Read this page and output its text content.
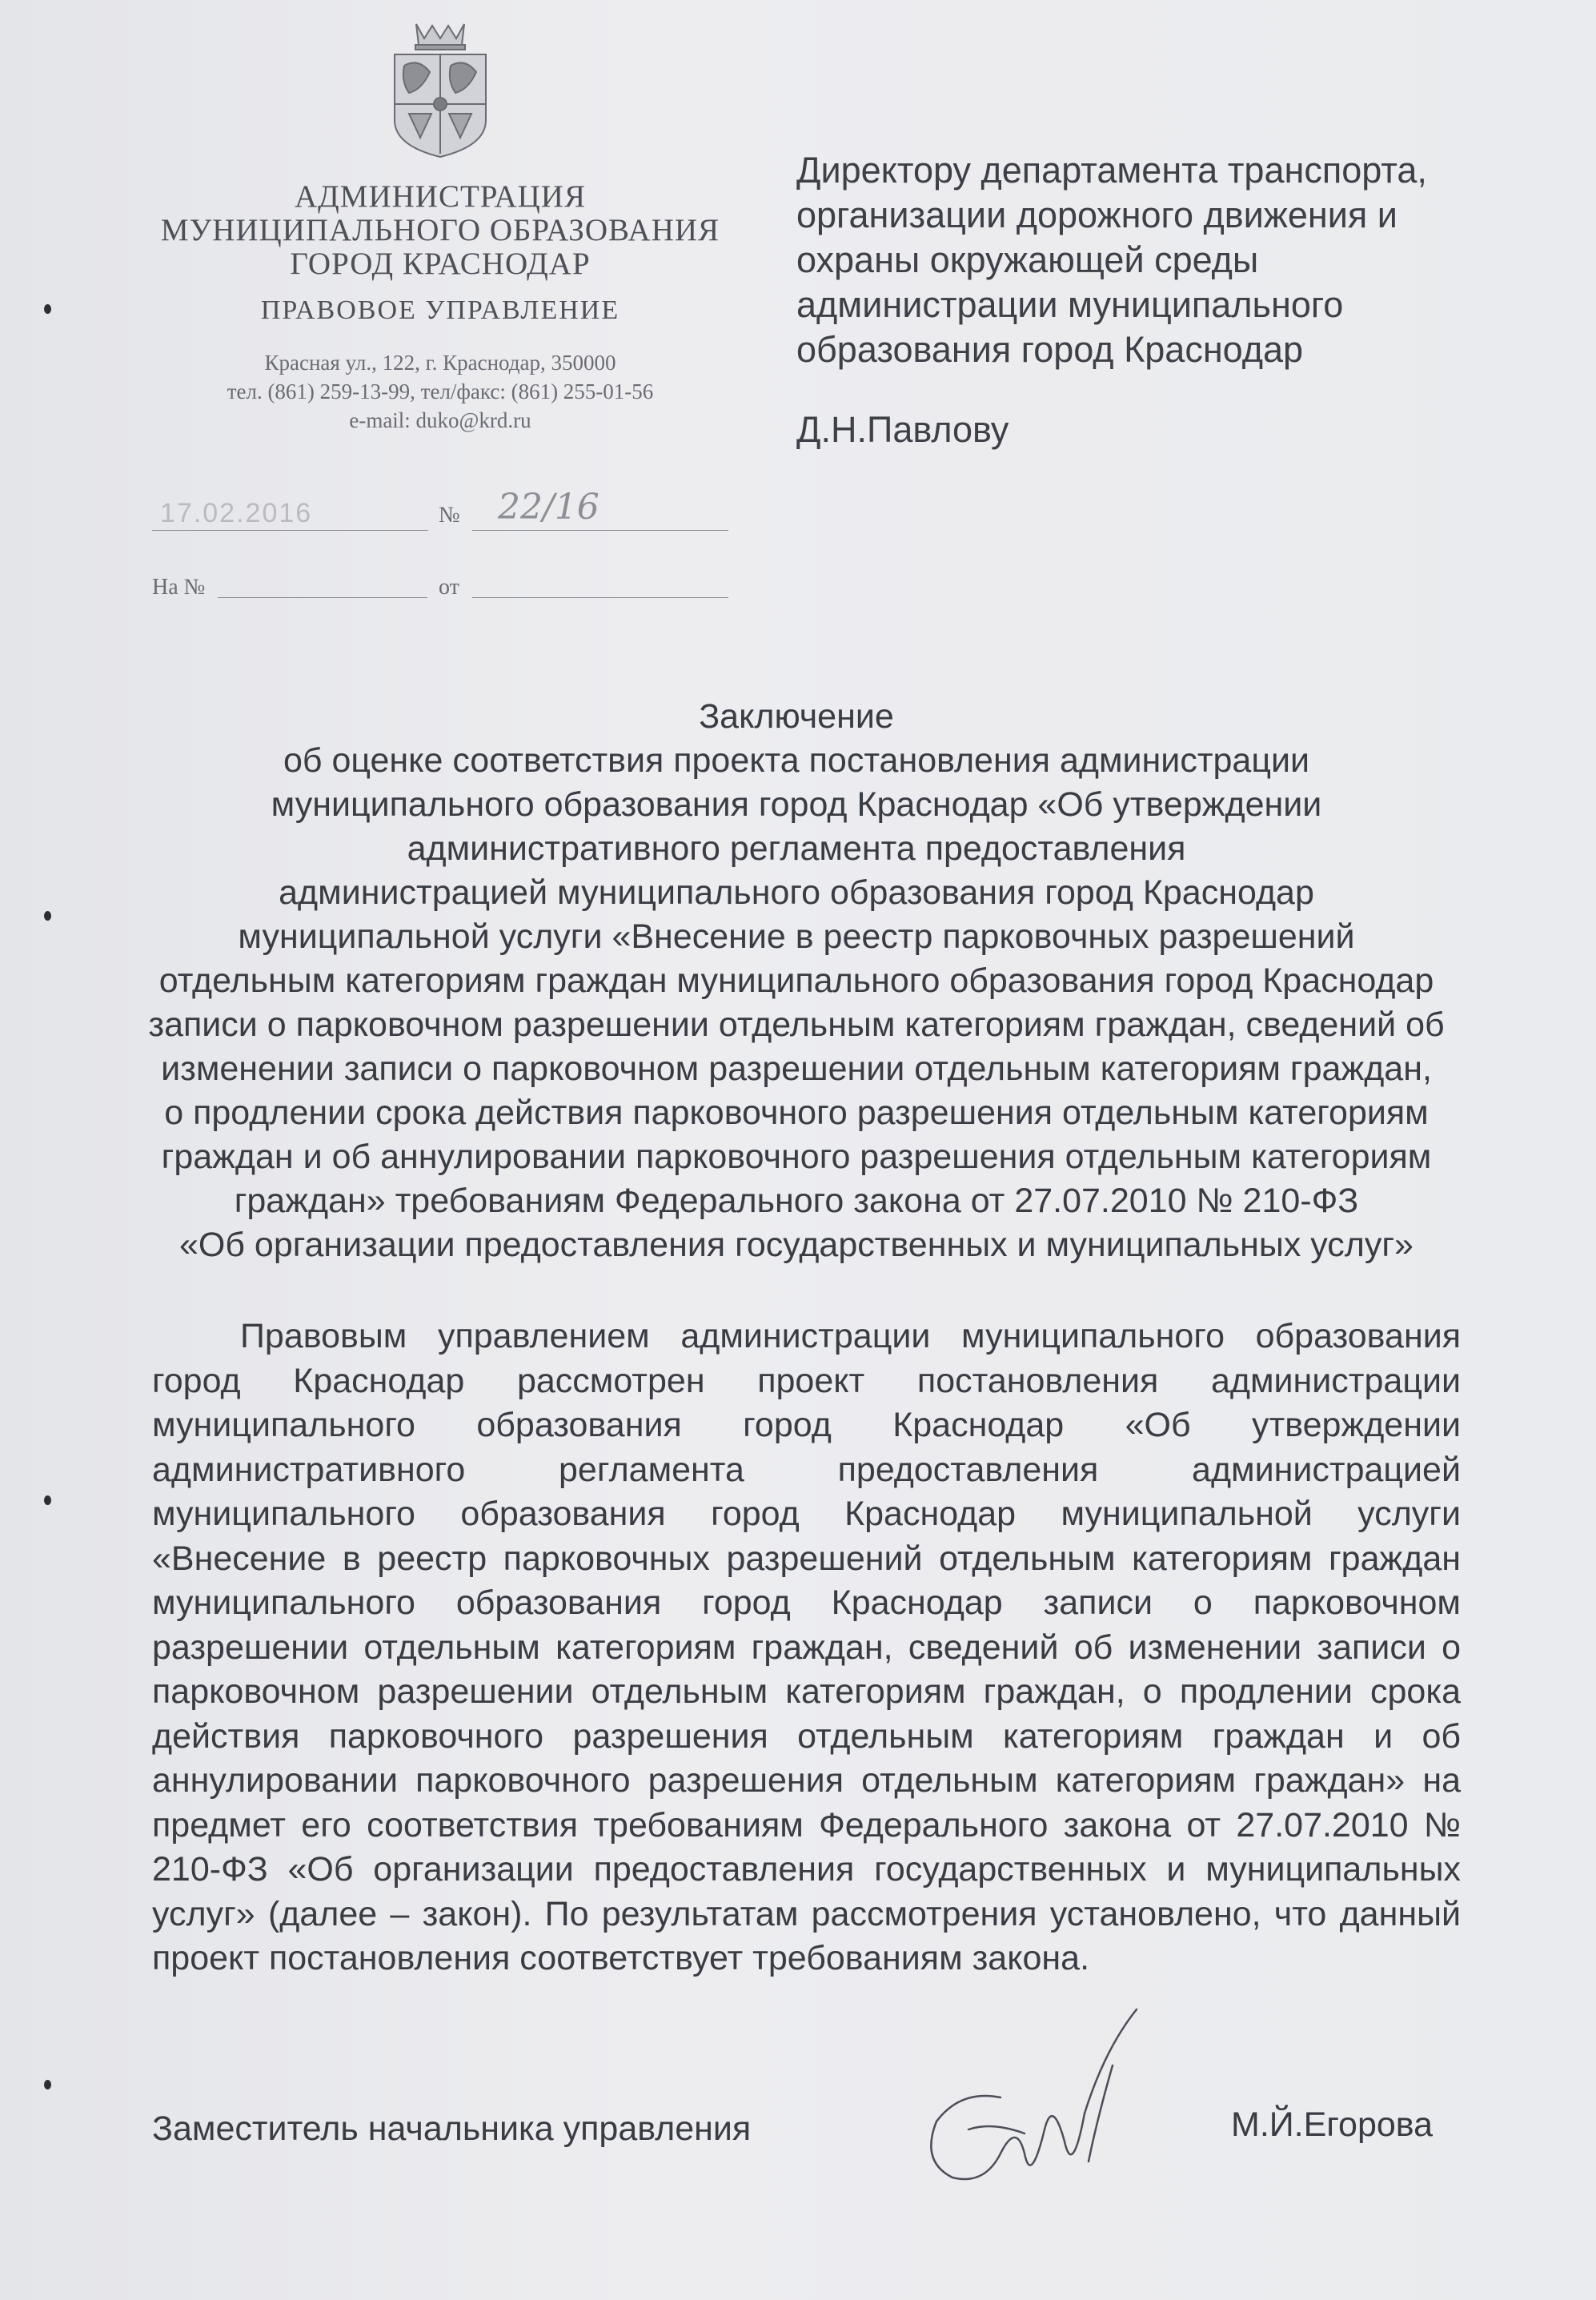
АДМИНИСТРАЦИЯ
МУНИЦИПАЛЬНОГО ОБРАЗОВАНИЯ
ГОРОД КРАСНОДАР
ПРАВОВОЕ УПРАВЛЕНИЕ
Красная ул., 122, г. Краснодар, 350000
тел. (861) 259-13-99, тел/факс: (861) 255-01-56
e-mail: duko@krd.ru
17.02.2016	№ 22/16
На №	от
Директору департамента транспорта,
организации дорожного движения и
охраны окружающей среды
администрации муниципального
образования город Краснодар
Д.Н.Павлову
Заключение
об оценке соответствия проекта постановления администрации
муниципального образования город Краснодар «Об утверждении
административного регламента предоставления
администрацией муниципального образования город Краснодар
муниципальной услуги «Внесение в реестр парковочных разрешений
отдельным категориям граждан муниципального образования город Краснодар
записи о парковочном разрешении отдельным категориям граждан, сведений об
изменении записи о парковочном разрешении отдельным категориям граждан,
о продлении срока действия парковочного разрешения отдельным категориям
граждан и об аннулировании парковочного разрешения отдельным категориям
граждан» требованиям Федерального закона от 27.07.2010 № 210-ФЗ
«Об организации предоставления государственных и муниципальных услуг»
Правовым управлением администрации муниципального образования город Краснодар рассмотрен проект постановления администрации муниципального образования город Краснодар «Об утверждении административного регламента предоставления администрацией муниципального образования город Краснодар муниципальной услуги «Внесение в реестр парковочных разрешений отдельным категориям граждан муниципального образования город Краснодар записи о парковочном разрешении отдельным категориям граждан, сведений об изменении записи о парковочном разрешении отдельным категориям граждан, о продлении срока действия парковочного разрешения отдельным категориям граждан и об аннулировании парковочного разрешения отдельным категориям граждан» на предмет его соответствия требованиям Федерального закона от 27.07.2010 № 210-ФЗ «Об организации предоставления государственных и муниципальных услуг» (далее – закон). По результатам рассмотрения установлено, что данный проект постановления соответствует требованиям закона.
Заместитель начальника управления	М.Й.Егорова
